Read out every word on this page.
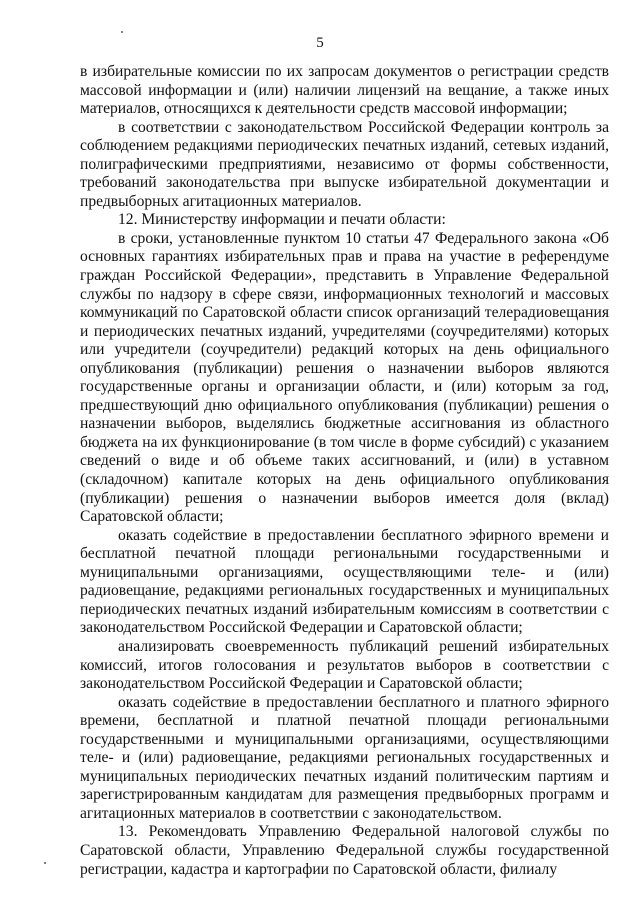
5

в избирательные комиссии по их запросам документов о регистрации средств массовой информации и (или) наличии лицензий на вещание, а также иных материалов, относящихся к деятельности средств массовой информации;

в соответствии с законодательством Российской Федерации контроль за соблюдением редакциями периодических печатных изданий, сетевых изданий, полиграфическими предприятиями, независимо от формы собственности, требований законодательства при выпуске избирательной документации и предвыборных агитационных материалов.

12. Министерству информации и печати области:

в сроки, установленные пунктом 10 статьи 47 Федерального закона «Об основных гарантиях избирательных прав и права на участие в референдуме граждан Российской Федерации», представить в Управление Федеральной службы по надзору в сфере связи, информационных технологий и массовых коммуникаций по Саратовской области список организаций телерадиовещания и периодических печатных изданий, учредителями (соучредителями) которых или учредители (соучредители) редакций которых на день официального опубликования (публикации) решения о назначении выборов являются государственные органы и организации области, и (или) которым за год, предшествующий дню официального опубликования (публикации) решения о назначении выборов, выделялись бюджетные ассигнования из областного бюджета на их функционирование (в том числе в форме субсидий) с указанием сведений о виде и об объеме таких ассигнований, и (или) в уставном (складочном) капитале которых на день официального опубликования (публикации) решения о назначении выборов имеется доля (вклад) Саратовской области;

оказать содействие в предоставлении бесплатного эфирного времени и бесплатной печатной площади региональными государственными и муниципальными организациями, осуществляющими теле- и (или) радиовещание, редакциями региональных государственных и муниципальных периодических печатных изданий избирательным комиссиям в соответствии с законодательством Российской Федерации и Саратовской области;

анализировать своевременность публикаций решений избирательных комиссий, итогов голосования и результатов выборов в соответствии с законодательством Российской Федерации и Саратовской области;

оказать содействие в предоставлении бесплатного и платного эфирного времени, бесплатной и платной печатной площади региональными государственными и муниципальными организациями, осуществляющими теле- и (или) радиовещание, редакциями региональных государственных и муниципальных периодических печатных изданий политическим партиям и зарегистрированным кандидатам для размещения предвыборных программ и агитационных материалов в соответствии с законодательством.

13. Рекомендовать Управлению Федеральной налоговой службы по Саратовской области, Управлению Федеральной службы государственной регистрации, кадастра и картографии по Саратовской области, филиалу
